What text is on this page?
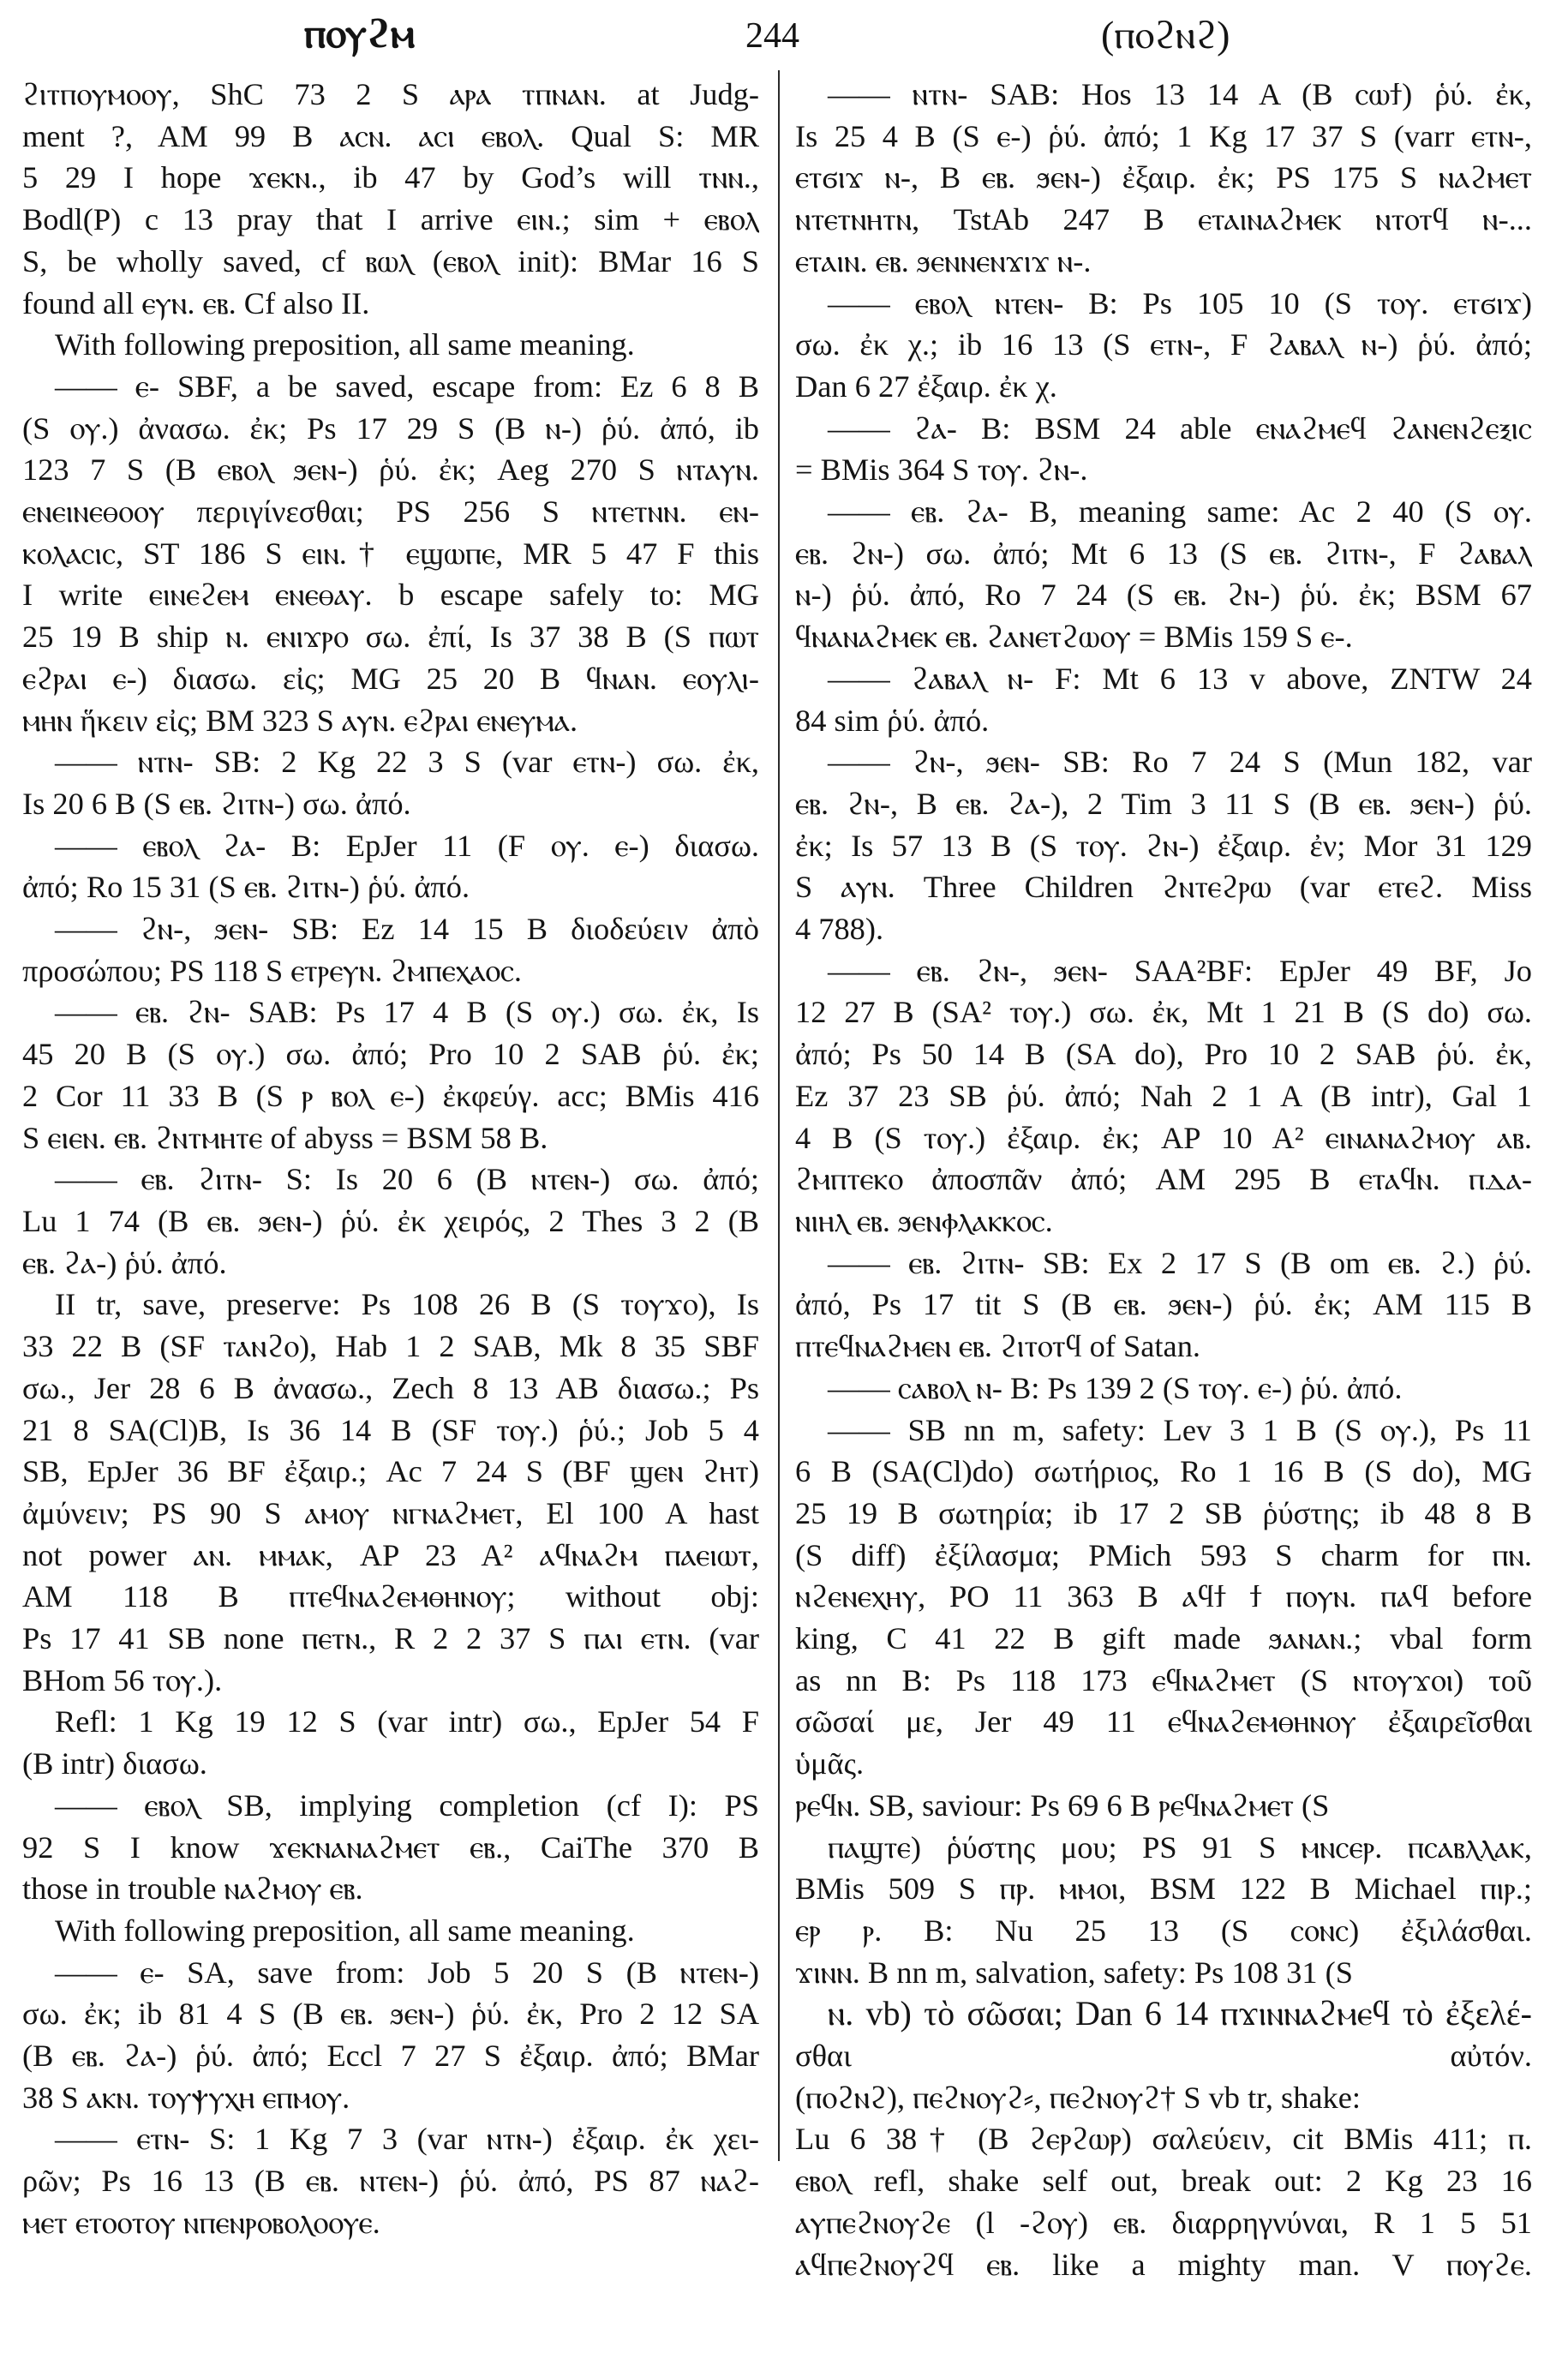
ⲡⲟⲩϩⲙ	244	(ⲡⲟϩⲛϩ)
ϩⲓⲧⲡⲟⲩⲙⲟⲟⲩ, ShC 73 2 S ⲁⲣⲁ ⲧⲡⲛⲁⲛ. at Judg-
ment ?, AM 99 B ⲁⲥⲛ. ⲁⲥⲓ ⲉⲃⲟⲗ. Qual S: MR
5 29 I hope ϫⲉⲕⲛ., ib 47 by God’s will ⲧⲛⲛ.,
Bodl(P) c 13 pray that I arrive ⲉⲓⲛ.; sim + ⲉⲃⲟⲗ
S, be wholly saved, cf ⲃⲱⲗ (ⲉⲃⲟⲗ init): BMar 16 S
found all ⲉⲩⲛ. ⲉⲃ. Cf also II.
With following preposition, all same meaning.
—— ⲉ- SBF, a be saved, escape from: Ez 6 8 B
(S ⲟⲩ.) ἀνασω. ἐκ; Ps 17 29 S (B ⲛ-) ῥύ. ἀπό, ib
123 7 S (B ⲉⲃⲟⲗ ϧⲉⲛ-) ῥύ. ἐκ; Aeg 270 S ⲛⲧⲁⲩⲛ.
ⲉⲛⲉⲓⲛⲉⲑⲟⲟⲩ περιγίνεσθαι; PS 256 S ⲛⲧⲉⲧⲛⲛ. ⲉⲛ-
ⲕⲟⲗⲁⲥⲓⲥ, ST 186 S ⲉⲓⲛ.† ⲉϣⲱⲡⲉ, MR 5 47 F this
I write ⲉⲓⲛⲉϩⲉⲙ ⲉⲛⲉⲑⲁⲩ. b escape safely to: MG
25 19 B ship ⲛ. ⲉⲛⲓϫⲣⲟ σω. ἐπί, Is 37 38 B (S ⲡⲱⲧ
ⲉϩⲣⲁⲓ ⲉ-) διασω. εἰς; MG 25 20 B ϥⲛⲁⲛ. ⲉⲟⲩⲗⲓ-
ⲙⲏⲛ ἥκειν εἰς; BM 323 S ⲁⲩⲛ. ⲉϩⲣⲁⲓ ⲉⲛⲉⲩⲙⲁ.
—— ⲛⲧⲛ- SB: 2 Kg 22 3 S (var ⲉⲧⲛ-) σω. ἐκ,
Is 20 6 B (S ⲉⲃ. ϩⲓⲧⲛ-) σω. ἀπό.
—— ⲉⲃⲟⲗ ϩⲁ- B: EpJer 11 (F ⲟⲩ. ⲉ-) διασω.
ἀπό; Ro 15 31 (S ⲉⲃ. ϩⲓⲧⲛ-) ῥύ. ἀπό.
—— ϩⲛ-, ϧⲉⲛ- SB: Ez 14 15 B διοδεύειν ἀπὸ
προσώπου; PS 118 S ⲉⲧⲣⲉⲩⲛ. ϩⲙⲡⲉⲭⲁⲟⲥ.
—— ⲉⲃ. ϩⲛ- SAB: Ps 17 4 B (S ⲟⲩ.) σω. ἐκ, Is
45 20 B (S ⲟⲩ.) σω. ἀπό; Pro 10 2 SAB ῥύ. ἐκ;
2 Cor 11 33 B (S ⲣ ⲃⲟⲗ ⲉ-) ἐκφεύγ. acc; BMis 416
S ⲉⲓⲉⲛ. ⲉⲃ. ϩⲛⲧⲙⲏⲧⲉ of abyss = BSM 58 B.
—— ⲉⲃ. ϩⲓⲧⲛ- S: Is 20 6 (B ⲛⲧⲉⲛ-) σω. ἀπό;
Lu 1 74 (B ⲉⲃ. ϧⲉⲛ-) ῥύ. ἐκ χειρός, 2 Thes 3 2 (B
ⲉⲃ. ϩⲁ-) ῥύ. ἀπό.
II tr, save, preserve: Ps 108 26 B (S ⲧⲟⲩϫⲟ), Is
33 22 B (SF ⲧⲁⲛϩⲟ), Hab 1 2 SAB, Mk 8 35 SBF
σω., Jer 28 6 B ἀνασω., Zech 8 13 AB διασω.; Ps
21 8 SA(Cl)B, Is 36 14 B (SF ⲧⲟⲩ.) ῥύ.; Job 5 4
SB, EpJer 36 BF ἐξαιρ.; Ac 7 24 S (BF ϣⲉⲛ ϩⲏⲧ)
ἀμύνειν; PS 90 S ⲁⲙⲟⲩ ⲛⲅⲛⲁϩⲙⲉⲧ, El 100 A hast
not power ⲁⲛ. ⲙⲙⲁⲕ, AP 23 A² ⲁϥⲛⲁϩⲙ ⲡⲁⲉⲓⲱⲧ,
AM 118 B ⲡⲧⲉϥⲛⲁϩⲉⲙⲑⲏⲛⲟⲩ; without obj:
Ps 17 41 SB none ⲡⲉⲧⲛ., R 2 2 37 S ⲡⲁⲓ ⲉⲧⲛ. (var
BHom 56 ⲧⲟⲩ.).
Refl: 1 Kg 19 12 S (var intr) σω., EpJer 54 F
(B intr) διασω.
—— ⲉⲃⲟⲗ SB, implying completion (cf I): PS
92 S I know ϫⲉⲕⲛⲁⲛⲁϩⲙⲉⲧ ⲉⲃ., CaiThe 370 B
those in trouble ⲛⲁϩⲙⲟⲩ ⲉⲃ.
With following preposition, all same meaning.
—— ⲉ- SA, save from: Job 5 20 S (B ⲛⲧⲉⲛ-)
σω. ἐκ; ib 81 4 S (B ⲉⲃ. ϧⲉⲛ-) ῥύ. ἐκ, Pro 2 12 SA
(B ⲉⲃ. ϩⲁ-) ῥύ. ἀπό; Eccl 7 27 S ἐξαιρ. ἀπό; BMar
38 S ⲁⲕⲛ. ⲧⲟⲩⲯⲩⲭⲏ ⲉⲡⲙⲟⲩ.
—— ⲉⲧⲛ- S: 1 Kg 7 3 (var ⲛⲧⲛ-) ἐξαιρ. ἐκ χει-
ρῶν; Ps 16 13 (B ⲉⲃ. ⲛⲧⲉⲛ-) ῥύ. ἀπό, PS 87 ⲛⲁϩ-
ⲙⲉⲧ ⲉⲧⲟⲟⲧⲟⲩ ⲛⲡⲉⲛⲣⲟⲃⲟⲗⲟⲟⲩⲉ.
—— ⲛⲧⲛ- SAB: Hos 13 14 A (B ⲥⲱϯ) ῥύ. ἐκ,
Is 25 4 B (S ⲉ-) ῥύ. ἀπό; 1 Kg 17 37 S (varr ⲉⲧⲛ-,
ⲉⲧϭⲓϫ ⲛ-, B ⲉⲃ. ϧⲉⲛ-) ἐξαιρ. ἐκ; PS 175 S ⲛⲁϩⲙⲉⲧ
ⲛⲧⲉⲧⲛⲏⲧⲛ, TstAb 247 B ⲉⲧⲁⲓⲛⲁϩⲙⲉⲕ ⲛⲧⲟⲧϥ ⲛ-...
ⲉⲧⲁⲓⲛ. ⲉⲃ. ϧⲉⲛⲛⲉⲛϫⲓϫ ⲛ-.
—— ⲉⲃⲟⲗ ⲛⲧⲉⲛ- B: Ps 105 10 (S ⲧⲟⲩ. ⲉⲧϭⲓϫ)
σω. ἐκ χ.; ib 16 13 (S ⲉⲧⲛ-, F ϩⲁⲃⲁⲗ ⲛ-) ῥύ. ἀπό;
Dan 6 27 ἐξαιρ. ἐκ χ.
—— ϩⲁ- B: BSM 24 able ⲉⲛⲁϩⲙⲉϥ ϩⲁⲛⲉⲛϩⲉⲝⲓⲥ
= BMis 364 S ⲧⲟⲩ. ϩⲛ-.
—— ⲉⲃ. ϩⲁ- B, meaning same: Ac 2 40 (S ⲟⲩ.
ⲉⲃ. ϩⲛ-) σω. ἀπό; Mt 6 13 (S ⲉⲃ. ϩⲓⲧⲛ-, F ϩⲁⲃⲁⲗ
ⲛ-) ῥύ. ἀπό, Ro 7 24 (S ⲉⲃ. ϩⲛ-) ῥύ. ἐκ; BSM 67
ϥⲛⲁⲛⲁϩⲙⲉⲕ ⲉⲃ. ϩⲁⲛⲉⲧϩⲱⲟⲩ = BMis 159 S ⲉ-.
—— ϩⲁⲃⲁⲗ ⲛ- F: Mt 6 13 v above, ZNTW 24
84 sim ῥύ. ἀπό.
—— ϩⲛ-, ϧⲉⲛ- SB: Ro 7 24 S (Mun 182, var
ⲉⲃ. ϩⲛ-, B ⲉⲃ. ϩⲁ-), 2 Tim 3 11 S (B ⲉⲃ. ϧⲉⲛ-) ῥύ.
ἐκ; Is 57 13 B (S ⲧⲟⲩ. ϩⲛ-) ἐξαιρ. ἐν; Mor 31 129
S ⲁⲩⲛ. Three Children ϩⲛⲧⲉϩⲣⲱ (var ⲉⲧⲉϩ. Miss
4 788).
—— ⲉⲃ. ϩⲛ-, ϧⲉⲛ- SAA²BF: EpJer 49 BF, Jo
12 27 B (SA² ⲧⲟⲩ.) σω. ἐκ, Mt 1 21 B (S do) σω.
ἀπό; Ps 50 14 B (SA do), Pro 10 2 SAB ῥύ. ἐκ,
Ez 37 23 SB ῥύ. ἀπό; Nah 2 1 A (B intr), Gal 1
4 B (S ⲧⲟⲩ.) ἐξαιρ. ἐκ; AP 10 A² ⲉⲓⲛⲁⲛⲁϩⲙⲟⲩ ⲁⲃ.
ϩⲙⲡⲧⲉⲕⲟ ἀποσπᾶν ἀπό; AM 295 B ⲉⲧⲁϥⲛ. ⲡⲇⲁ-
ⲛⲓⲏⲗ ⲉⲃ. ϧⲉⲛⲫⲗⲁⲕⲕⲟⲥ.
—— ⲉⲃ. ϩⲓⲧⲛ- SB: Ex 2 17 S (B om ⲉⲃ. ϩ.) ῥύ.
ἀπό, Ps 17 tit S (B ⲉⲃ. ϧⲉⲛ-) ῥύ. ἐκ; AM 115 B
ⲡⲧⲉϥⲛⲁϩⲙⲉⲛ ⲉⲃ. ϩⲓⲧⲟⲧϥ of Satan.
—— ⲥⲁⲃⲟⲗ ⲛ- B: Ps 139 2 (S ⲧⲟⲩ. ⲉ-) ῥύ. ἀπό.
—— SB nn m, safety: Lev 3 1 B (S ⲟⲩ.), Ps 11
6 B (SA(Cl)do) σωτήριος, Ro 1 16 B (S do), MG
25 19 B σωτηρία; ib 17 2 SB ῥύστης; ib 48 8 B
(S diff) ἐξίλασμα; PMich 593 S charm for ⲡⲛ.
ⲛϩⲉⲛⲉⲭⲏⲩ, PO 11 363 B ⲁϥϯ ϯ ⲡⲟⲩⲛ. ⲡⲁϥ before
king, C 41 22 B gift made ϧⲁⲛⲁⲛ.; vbal form
as nn B: Ps 118 173 ⲉϥⲛⲁϩⲙⲉⲧ (S ⲛⲧⲟⲩϫⲟⲓ) τοῦ
σῶσαί με, Jer 49 11 ⲉϥⲛⲁϩⲉⲙⲑⲏⲛⲟⲩ ἐξαιρεῖσθαι
ὑμᾶς.
ⲣⲉϥⲛ. SB, saviour: Ps 69 6 B ⲣⲉϥⲛⲁϩⲙⲉⲧ (S
ⲡⲁϣⲧⲉ) ῥύστης μου; PS 91 S ⲙⲛⲥⲉⲣ. ⲡⲥⲁⲃⲗⲗⲁⲕ,
BMis 509 S ⲡⲣ. ⲙⲙⲟⲓ, BSM 122 B Michael ⲡⲓⲣ.;
ⲉⲣ ⲣ. B: Nu 25 13 (S ⲥⲟⲛⲥ) ἐξιλάσθαι.
ϫⲓⲛⲛ. B nn m, salvation, safety: Ps 108 31 (S
ⲛ. vb) τὸ σῶσαι; Dan 6 14 ⲡϫⲓⲛⲛⲁϩⲙⲉϥ τὸ ἐξελέ-
σθαι αὐτόν.
(ⲡⲟϩⲛϩ), ⲡⲉϩⲛⲟⲩϩ⸗, ⲡⲉϩⲛⲟⲩϩ† S vb tr, shake:
Lu 6 38† (B ϩⲉⲣϩⲱⲣ) σαλεύειν, cit BMis 411; ⲡ.
ⲉⲃⲟⲗ refl, shake self out, break out: 2 Kg 23 16
ⲁⲩⲡⲉϩⲛⲟⲩϩⲉ (l -ϩⲟⲩ) ⲉⲃ. διαρρηγνύναι, R 1 5 51
ⲁϥⲡⲉϩⲛⲟⲩϩϥ ⲉⲃ. like a mighty man. V ⲡⲟⲩϩⲉ.
